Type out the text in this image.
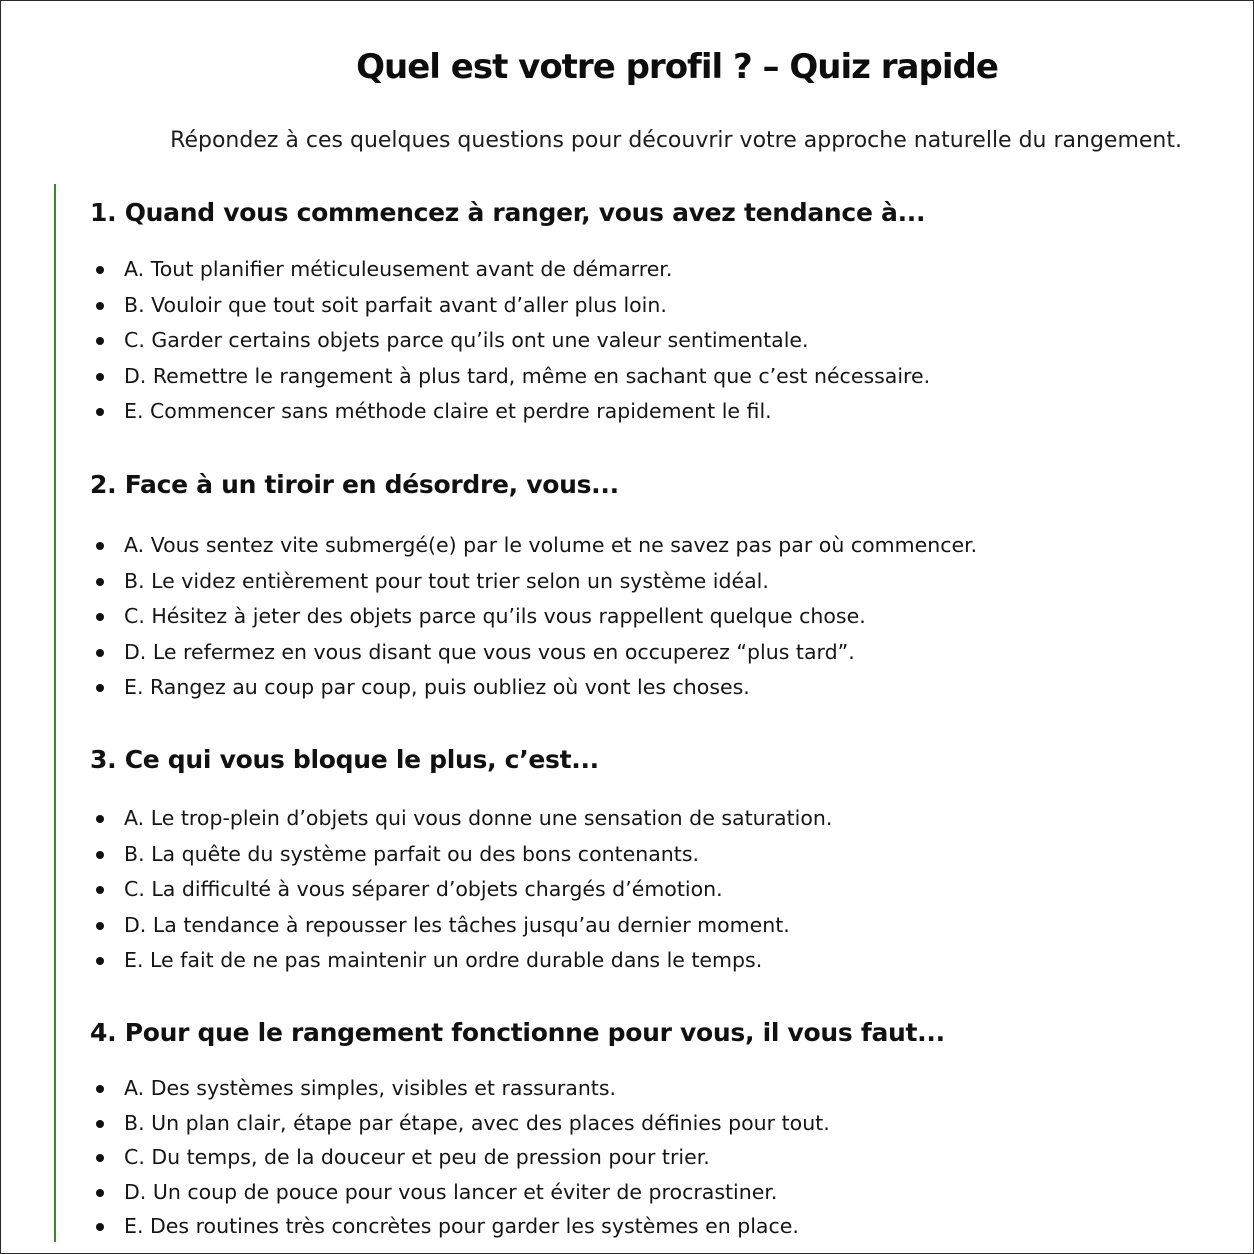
Quel est votre profil ? – Quiz rapide

Répondez à ces quelques questions pour découvrir votre approche naturelle du rangement.

1. Quand vous commencez à ranger, vous avez tendance à...
A. Tout planifier méticuleusement avant de démarrer.
B. Vouloir que tout soit parfait avant d’aller plus loin.
C. Garder certains objets parce qu’ils ont une valeur sentimentale.
D. Remettre le rangement à plus tard, même en sachant que c’est nécessaire.
E. Commencer sans méthode claire et perdre rapidement le fil.
2. Face à un tiroir en désordre, vous...
A. Vous sentez vite submergé(e) par le volume et ne savez pas par où commencer.
B. Le videz entièrement pour tout trier selon un système idéal.
C. Hésitez à jeter des objets parce qu’ils vous rappellent quelque chose.
D. Le refermez en vous disant que vous vous en occuperez “plus tard”.
E. Rangez au coup par coup, puis oubliez où vont les choses.
3. Ce qui vous bloque le plus, c’est...
A. Le trop-plein d’objets qui vous donne une sensation de saturation.
B. La quête du système parfait ou des bons contenants.
C. La difficulté à vous séparer d’objets chargés d’émotion.
D. La tendance à repousser les tâches jusqu’au dernier moment.
E. Le fait de ne pas maintenir un ordre durable dans le temps.
4. Pour que le rangement fonctionne pour vous, il vous faut...
A. Des systèmes simples, visibles et rassurants.
B. Un plan clair, étape par étape, avec des places définies pour tout.
C. Du temps, de la douceur et peu de pression pour trier.
D. Un coup de pouce pour vous lancer et éviter de procrastiner.
E. Des routines très concrètes pour garder les systèmes en place.
